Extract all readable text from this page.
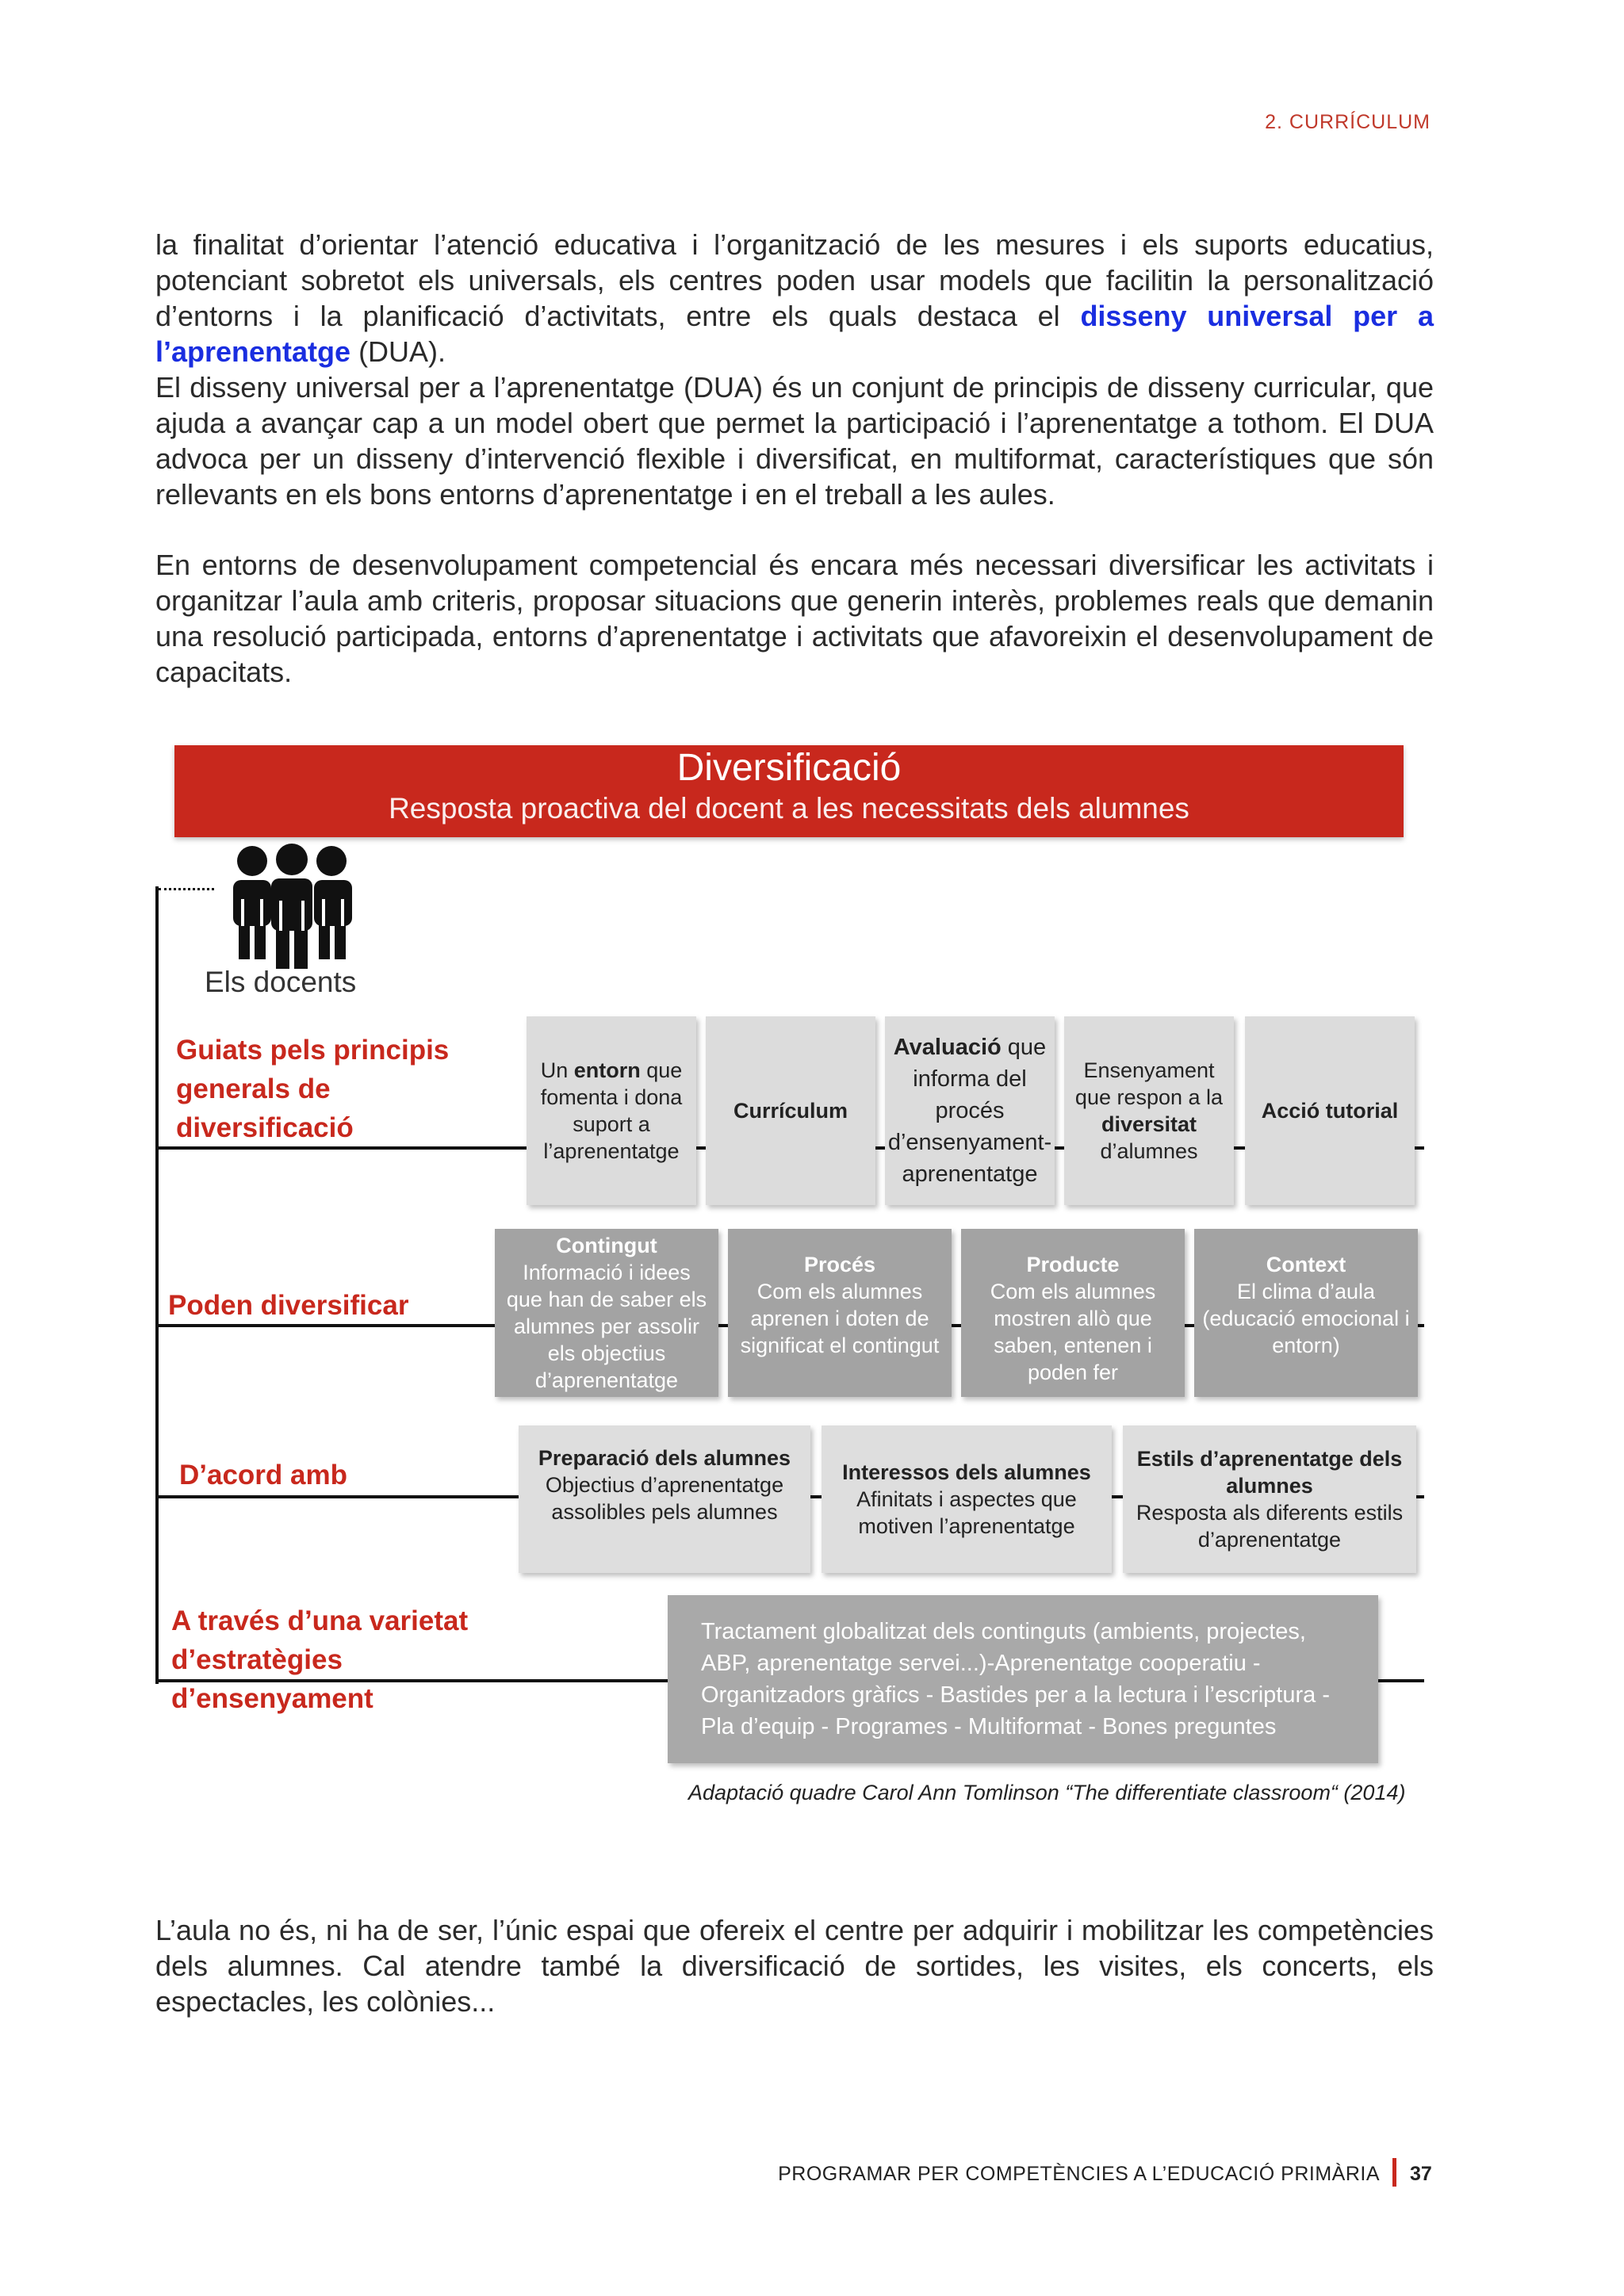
2. CURRÍCULUM
la finalitat d’orientar l’atenció educativa i l’organització de les mesures i els suports educatius, potenciant sobretot els universals, els centres poden usar models que facilitin la personalització d’entorns i la planificació d’activitats, entre els quals destaca el disseny universal per a l’aprenentatge (DUA).
El disseny universal per a l’aprenentatge (DUA) és un conjunt de principis de disseny curricular, que ajuda a avançar cap a un model obert que permet la participació i l’aprenentatge a tothom. El DUA advoca per un disseny d’intervenció flexible i diversificat, en multiformat, característiques que són rellevants en els bons entorns d’aprenentatge i en el treball a les aules.
En entorns de desenvolupament competencial és encara més necessari diversificar les activitats i organitzar l’aula amb criteris, proposar situacions que generin interès, problemes reals que demanin una resolució participada, entorns d’aprenentatge i activitats que afavoreixin el desenvolupament de capacitats.
Diversificació
Resposta proactiva del docent a les necessitats dels alumnes
Els docents
Guiats pels principis generals de diversificació
Un entorn que fomenta i dona suport a l’aprenentatge
Currículum
Avaluació que informa del procés d’ensenyament-aprenentatge
Ensenyament que respon a la diversitat d’alumnes
Acció tutorial
Poden diversificar
Contingut
Informació i idees que han de saber els alumnes per assolir els objectius d’aprenentatge
Procés
Com els alumnes aprenen i doten de significat el contingut
Producte
Com els alumnes mostren allò que saben, entenen i poden fer
Context
El clima d’aula (educació emocional i entorn)
D’acord amb
Preparació dels alumnes
Objectius d’aprenentatge assolibles pels alumnes
Interessos dels alumnes
Afinitats i aspectes que motiven l’aprenentatge
Estils d’aprenentatge dels alumnes
Resposta als diferents estils d’aprenentatge
A través d’una varietat d’estratègies d’ensenyament
Tractament globalitzat dels continguts (ambients, projectes, ABP, aprenentatge servei...)-Aprenentatge cooperatiu - Organitzadors gràfics - Bastides per a la lectura i l’escriptura - Pla d’equip - Programes - Multiformat - Bones preguntes
Adaptació quadre Carol Ann Tomlinson “The differentiate classroom“ (2014)
L’aula no és, ni ha de ser, l’únic espai que ofereix el centre per adquirir i mobilitzar les competències dels alumnes. Cal atendre també la diversificació de sortides, les visites, els concerts, els espectacles, les colònies...
PROGRAMAR PER COMPETÈNCIES A L’EDUCACIÓ PRIMÀRIA 37
